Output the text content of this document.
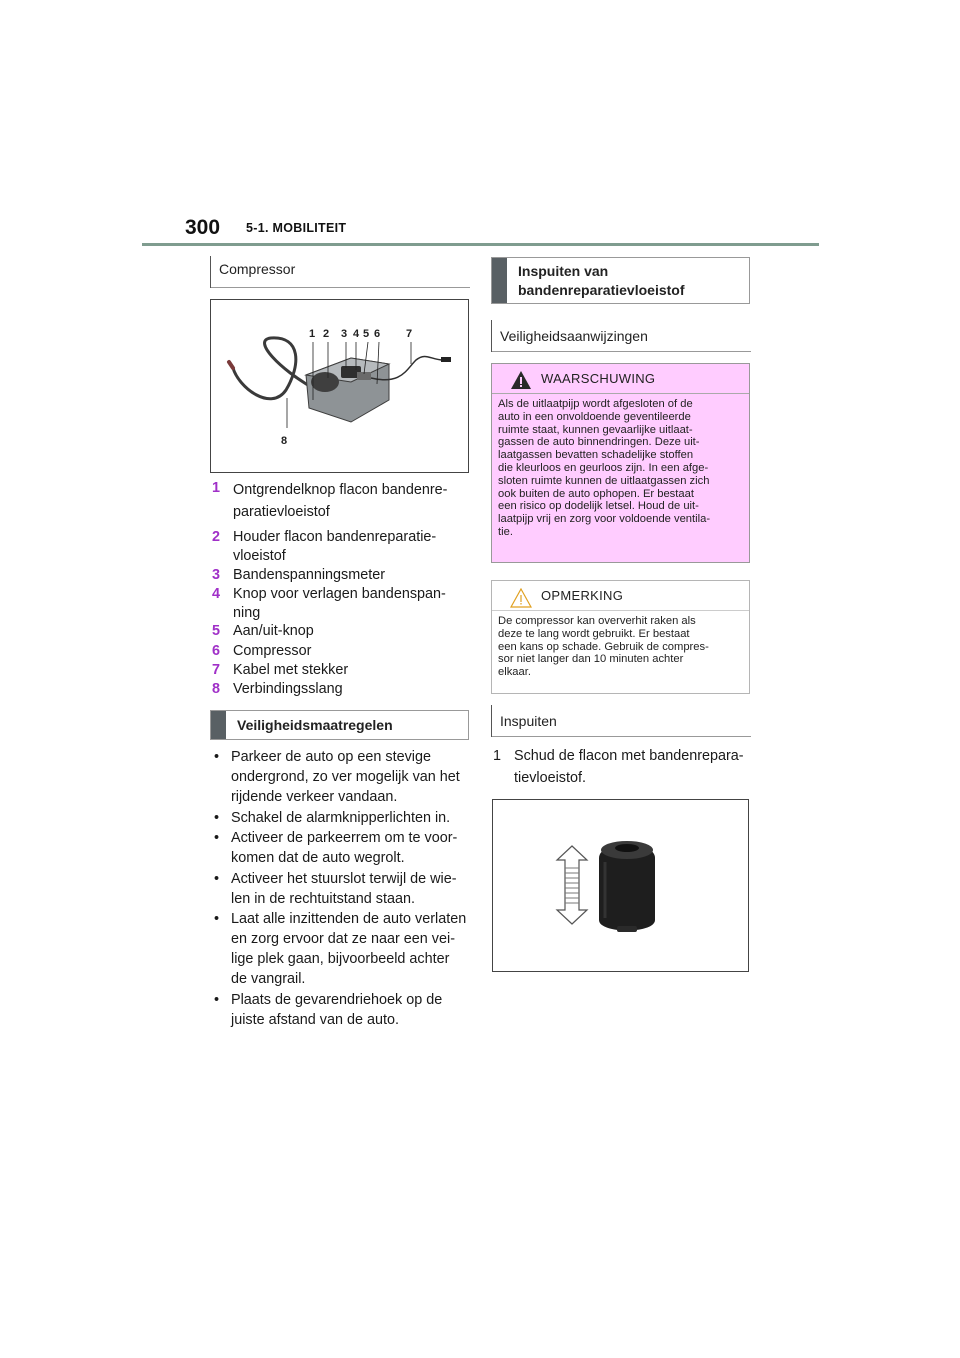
300 5-1. MOBILITEIT
Compressor
1 2 3 4 5 6 7
8
1 Ontgrendelknop flacon bandenre-
paratievloeistof
2 Houder flacon bandenreparatie-
vloeistof
3 Bandenspanningsmeter
4 Knop voor verlagen bandenspan-
ning
5 Aan/uit-knop
6 Compressor
7 Kabel met stekker
8 Verbindingsslang
Veiligheidsmaatregelen
• Parkeer de auto op een stevige
ondergrond, zo ver mogelijk van het
rijdende verkeer vandaan.
• Schakel de alarmknipperlichten in.
• Activeer de parkeerrem om te voor-
komen dat de auto wegrolt.
• Activeer het stuurslot terwijl de wie-
len in de rechtuitstand staan.
• Laat alle inzittenden de auto verlaten
en zorg ervoor dat ze naar een vei-
lige plek gaan, bijvoorbeeld achter
de vangrail.
• Plaats de gevarendriehoek op de
juiste afstand van de auto.
Inspuiten van
bandenreparatievloeistof
Veiligheidsaanwijzingen
WAARSCHUWING
Als de uitlaatpijp wordt afgesloten of de
auto in een onvoldoende geventileerde
ruimte staat, kunnen gevaarlijke uitlaat-
gassen de auto binnendringen. Deze uit-
laatgassen bevatten schadelijke stoffen
die kleurloos en geurloos zijn. In een afge-
sloten ruimte kunnen de uitlaatgassen zich
ook buiten de auto ophopen. Er bestaat
een risico op dodelijk letsel. Houd de uit-
laatpijp vrij en zorg voor voldoende ventila-
tie.
OPMERKING
De compressor kan oververhit raken als
deze te lang wordt gebruikt. Er bestaat
een kans op schade. Gebruik de compres-
sor niet langer dan 10 minuten achter
elkaar.
Inspuiten
1 Schud de flacon met bandenrepara-
tievloeistof.
